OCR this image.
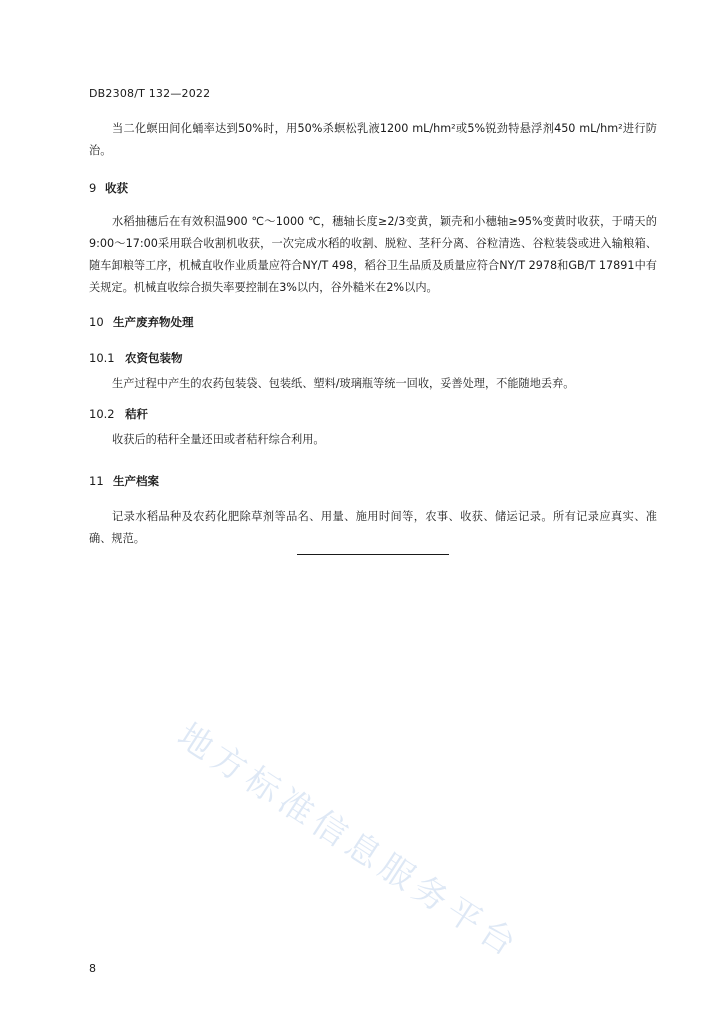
DB2308/T 132—2022

当二化螟田间化蛹率达到50%时，用50%杀螟松乳液1200 mL/hm²或5%锐劲特悬浮剂450 mL/hm²进行防治。

9 收获

水稻抽穗后在有效积温900 ℃～1000 ℃，穗轴长度≥2/3变黄，颖壳和小穗轴≥95%变黄时收获，于晴天的9:00～17:00采用联合收割机收获，一次完成水稻的收割、脱粒、茎秆分离、谷粒清选、谷粒装袋或进入输粮箱、随车卸粮等工序，机械直收作业质量应符合NY/T 498，稻谷卫生品质及质量应符合NY/T 2978和GB/T 17891中有关规定。机械直收综合损失率要控制在3%以内，谷外糙米在2%以内。

10 生产废弃物处理
10.1 农资包装物

生产过程中产生的农药包装袋、包装纸、塑料/玻璃瓶等统一回收，妥善处理，不能随地丢弃。

10.2 秸秆

收获后的秸秆全量还田或者秸秆综合利用。

11 生产档案

记录水稻品种及农药化肥除草剂等品名、用量、施用时间等，农事、收获、储运记录。所有记录应真实、准确、规范。

地方标准信息服务平台
8
